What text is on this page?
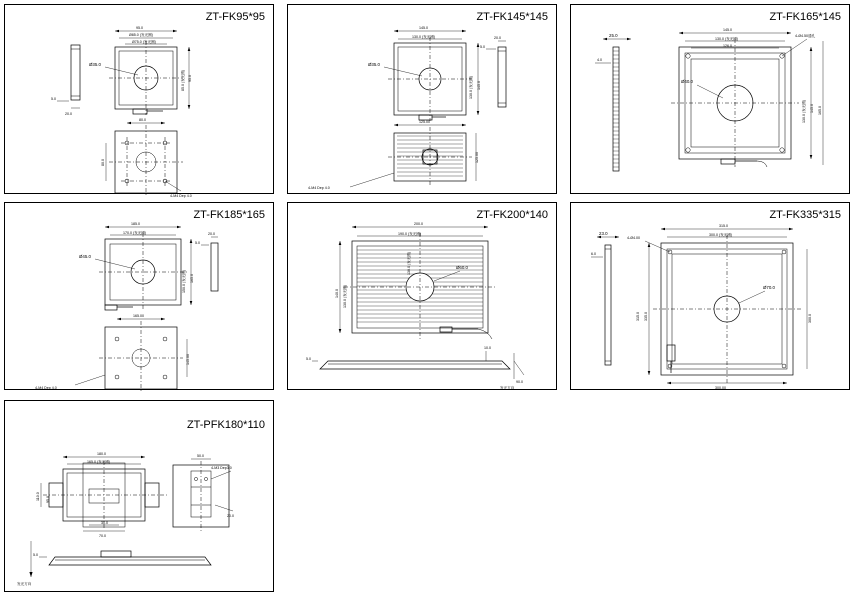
ZT-FK95*95
5.0
20.0
95.0
Ø85.0 (发光圈)
Ø75.0 (发光圈)
Ø35.0
95.0
85.0 (发光圈)
80.0
80.0
4-M4 Dep 4.0
ZT-FK145*145
145.0
130.0 (发光圈)
Ø35.0
145.0
130.0 (发光圈)
5.0
20.0
125.00
125.00
4-M4 Dep 4.0
ZT-FK165*145
25.0
4.0
145.0
130.0 (发光圈)
126.0
4-Ø4.50通孔
Ø40.0
145.0
130.0 (发光圈)	165.0
ZT-FK185*165
185.0
170.0 (发光圈)
Ø45.0
165.0
150.0 (发光圈)
5.0
20.0
165.00
145.00
4-M4 Dep 4.0
ZT-FK200*140
200.0
190.0 (发光圈)
140.0 130.0 (发光圈)
Ø60.0
130.0 (发光圈)
5.0
10.0
90.0
发光方向
ZT-FK335*315
23.0
6.0
315.0
300.0 (发光圈)
4-Ø4.00
Ø70.0
335.0
315.0	300.0
300.00
ZT-PFK180*110
180.0
165.0 (发光圈)
110.0 95.0
70.0
30.0
50.0
4-M3 Dep3.0
20.0
5.0
发光方向
